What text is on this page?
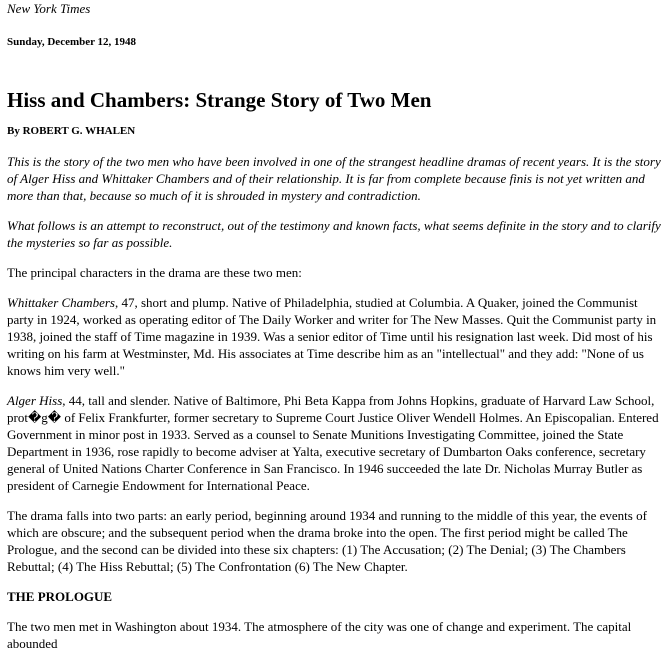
New York Times
Sunday, December 12, 1948
Hiss and Chambers: Strange Story of Two Men
By ROBERT G. WHALEN

This is the story of the two men who have been involved in one of the strangest headline dramas of recent years. It is the story of Alger Hiss and Whittaker Chambers and of their relationship. It is far from complete because finis is not yet written and more than that, because so much of it is shrouded in mystery and contradiction.

What follows is an attempt to reconstruct, out of the testimony and known facts, what seems definite in the story and to clarify the mysteries so far as possible.

The principal characters in the drama are these two men:

Whittaker Chambers, 47, short and plump. Native of Philadelphia, studied at Columbia. A Quaker, joined the Communist party in 1924, worked as operating editor of The Daily Worker and writer for The New Masses. Quit the Communist party in 1938, joined the staff of Time magazine in 1939. Was a senior editor of Time until his resignation last week. Did most of his writing on his farm at Westminster, Md. His associates at Time describe him as an "intellectual" and they add: "None of us knows him very well."

Alger Hiss, 44, tall and slender. Native of Baltimore, Phi Beta Kappa from Johns Hopkins, graduate of Harvard Law School, prot�g� of Felix Frankfurter, former secretary to Supreme Court Justice Oliver Wendell Holmes. An Episcopalian. Entered Government in minor post in 1933. Served as a counsel to Senate Munitions Investigating Committee, joined the State Department in 1936, rose rapidly to become adviser at Yalta, executive secretary of Dumbarton Oaks conference, secretary general of United Nations Charter Conference in San Francisco. In 1946 succeeded the late Dr. Nicholas Murray Butler as president of Carnegie Endowment for International Peace.

The drama falls into two parts: an early period, beginning around 1934 and running to the middle of this year, the events of which are obscure; and the subsequent period when the drama broke into the open. The first period might be called The Prologue, and the second can be divided into these six chapters: (1) The Accusation; (2) The Denial; (3) The Chambers Rebuttal; (4) The Hiss Rebuttal; (5) The Confrontation (6) The New Chapter.

THE PROLOGUE

The two men met in Washington about 1934. The atmosphere of the city was one of change and experiment. The capital abounded
